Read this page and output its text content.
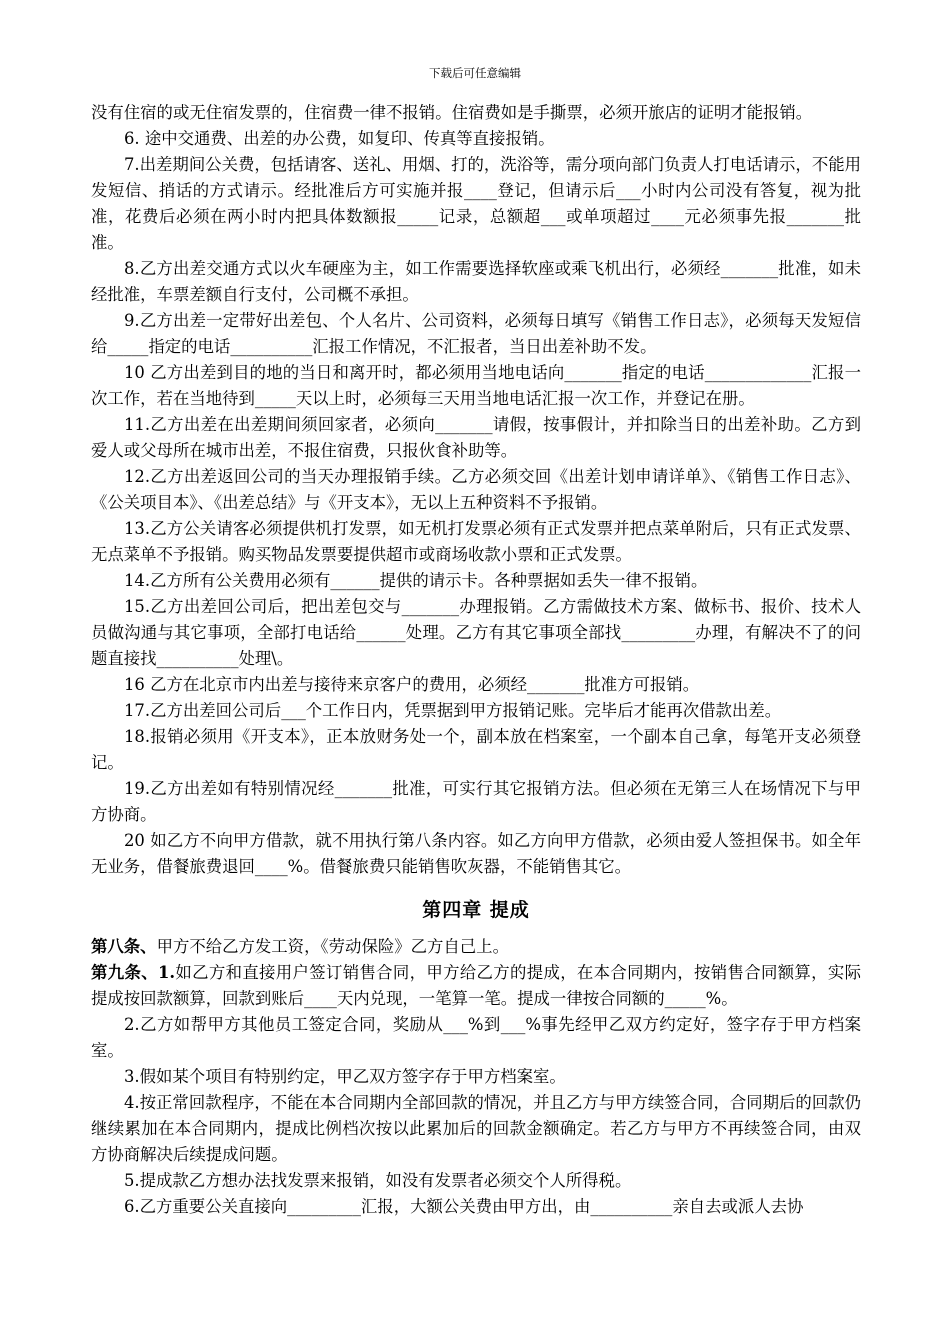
下载后可任意编辑

没有住宿的或无住宿发票的，住宿费一律不报销。住宿费如是手撕票，必须开旅店的证明才能报销。

6. 途中交通费、出差的办公费，如复印、传真等直接报销。

7.出差期间公关费，包括请客、送礼、用烟、打的，洗浴等，需分项向部门负责人打电话请示，不能用发短信、捎话的方式请示。经批准后方可实施并报____登记，但请示后___小时内公司没有答复，视为批准，花费后必须在两小时内把具体数额报_____记录，总额超___或单项超过____元必须事先报_______批准。

8.乙方出差交通方式以火车硬座为主，如工作需要选择软座或乘飞机出行，必须经_______批准，如未经批准，车票差额自行支付，公司概不承担。

9.乙方出差一定带好出差包、个人名片、公司资料，必须每日填写《销售工作日志》，必须每天发短信给_____指定的电话__________汇报工作情况，不汇报者，当日出差补助不发。

10 乙方出差到目的地的当日和离开时，都必须用当地电话向_______指定的电话_____________汇报一次工作，若在当地待到_____天以上时，必须每三天用当地电话汇报一次工作，并登记在册。

11.乙方出差在出差期间须回家者，必须向_______请假，按事假计，并扣除当日的出差补助。乙方到爱人或父母所在城市出差，不报住宿费，只报伙食补助等。

12.乙方出差返回公司的当天办理报销手续。乙方必须交回《出差计划申请详单》、《销售工作日志》、《公关项目本》、《出差总结》与《开支本》，无以上五种资料不予报销。

13.乙方公关请客必须提供机打发票，如无机打发票必须有正式发票并把点菜单附后，只有正式发票、无点菜单不予报销。购买物品发票要提供超市或商场收款小票和正式发票。

14.乙方所有公关费用必须有______提供的请示卡。各种票据如丢失一律不报销。

15.乙方出差回公司后，把出差包交与_______办理报销。乙方需做技术方案、做标书、报价、技术人员做沟通与其它事项，全部打电话给______处理。乙方有其它事项全部找_________办理，有解决不了的问题直接找__________处理\。

16 乙方在北京市内出差与接待来京客户的费用，必须经_______批准方可报销。

17.乙方出差回公司后___个工作日内，凭票据到甲方报销记账。完毕后才能再次借款出差。

18.报销必须用《开支本》，正本放财务处一个，副本放在档案室，一个副本自己拿，每笔开支必须登记。

19.乙方出差如有特别情况经_______批准，可实行其它报销方法。但必须在无第三人在场情况下与甲方协商。

20 如乙方不向甲方借款，就不用执行第八条内容。如乙方向甲方借款，必须由爱人签担保书。如全年无业务，借餐旅费退回____%。借餐旅费只能销售吹灰器，不能销售其它。

第四章 提成

第八条、甲方不给乙方发工资，《劳动保险》乙方自己上。

第九条、1.如乙方和直接用户签订销售合同，甲方给乙方的提成，在本合同期内，按销售合同额算，实际提成按回款额算，回款到账后____天内兑现，一笔算一笔。提成一律按合同额的_____%。

2.乙方如帮甲方其他员工签定合同，奖励从___%到___%事先经甲乙双方约定好，签字存于甲方档案室。

3.假如某个项目有特别约定，甲乙双方签字存于甲方档案室。

4.按正常回款程序，不能在本合同期内全部回款的情况，并且乙方与甲方续签合同，合同期后的回款仍继续累加在本合同期内，提成比例档次按以此累加后的回款金额确定。若乙方与甲方不再续签合同，由双方协商解决后续提成问题。

5.提成款乙方想办法找发票来报销，如没有发票者必须交个人所得税。

6.乙方重要公关直接向_________汇报，大额公关费由甲方出，由__________亲自去或派人去协
